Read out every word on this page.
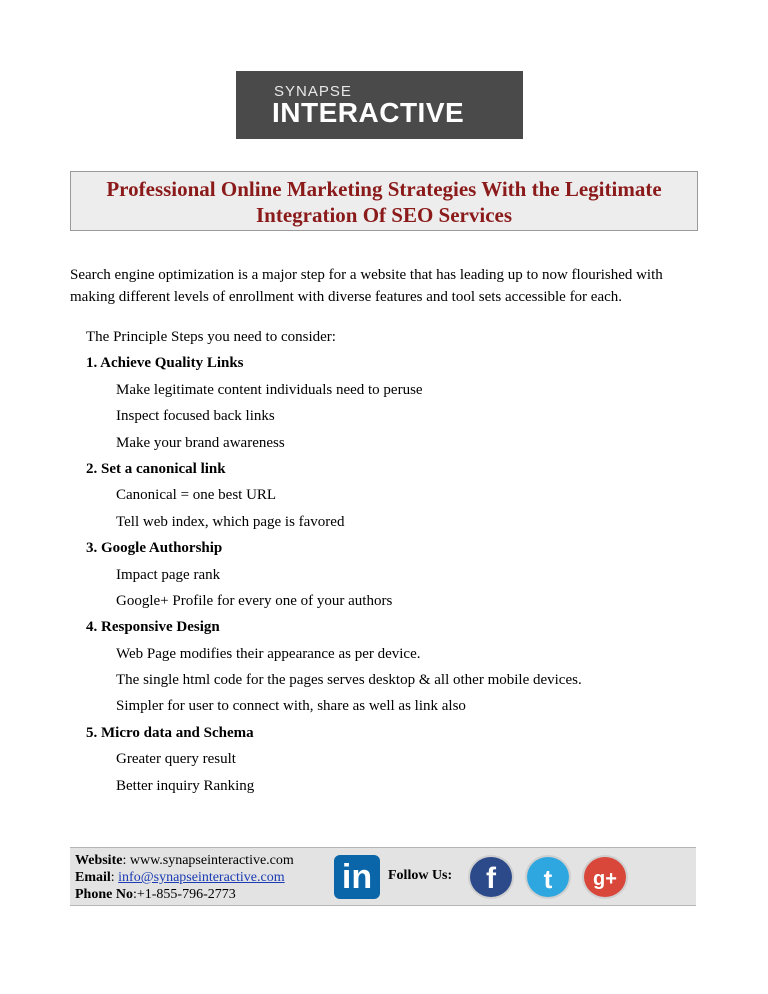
SYNAPSE
INTERACTIVE
Professional Online Marketing Strategies With the Legitimate
Integration Of SEO Services
Search engine optimization is a major step for a website that has leading up to now flourished with
making different levels of enrollment with diverse features and tool sets accessible for each.
The Principle Steps you need to consider:
1. Achieve Quality Links
Make legitimate content individuals need to peruse
Inspect focused back links
Make your brand awareness
2. Set a canonical link
Canonical = one best URL
Tell web index, which page is favored
3. Google Authorship
Impact page rank
Google+ Profile for every one of your authors
4. Responsive Design
Web Page modifies their appearance as per device.
The single html code for the pages serves desktop & all other mobile devices.
Simpler for user to connect with, share as well as link also
5. Micro data and Schema
Greater query result
Better inquiry Ranking
Website: www.synapseinteractive.com
Email: info@synapseinteractive.com
Phone No:+1-855-796-2773	in	Follow Us:	f	t	g+
